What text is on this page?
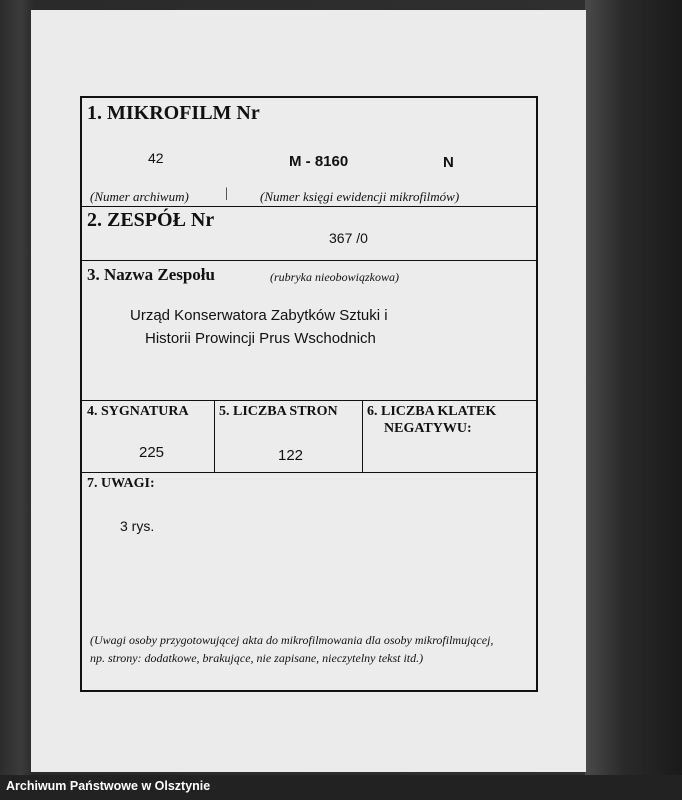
1. MIKROFILM Nr
42	M - 8160	N
(Numer archiwum)	| (Numer księgi ewidencji mikrofilmów)
2. ZESPÓŁ Nr
367 /0
3. Nazwa Zespołu	(rubryka nieobowiązkowa)
Urząd Konserwatora Zabytków Sztuki i
Historii Prowincji Prus Wschodnich
4. SYGNATURA
225
5. LICZBA STRON
122
6. LICZBA KLATEK
NEGATYWU:
7. UWAGI:
3 rys.
(Uwagi osoby przygotowującej akta do mikrofilmowania dla osoby mikrofilmującej,
np. strony: dodatkowe, brakujące, nie zapisane, nieczytelny tekst itd.)
Archiwum Państwowe w Olsztynie
